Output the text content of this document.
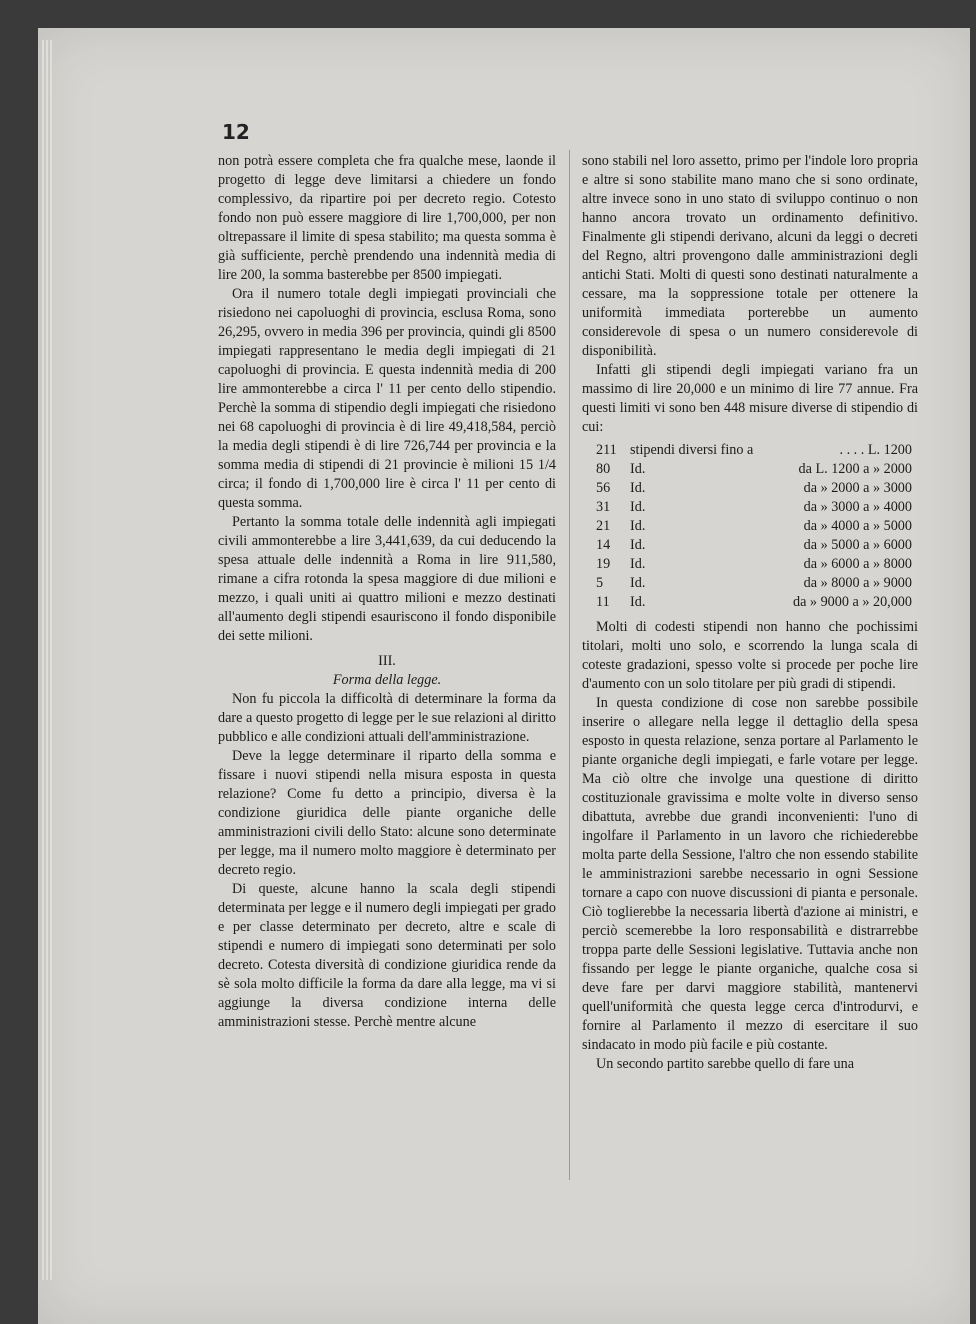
12

non potrà essere completa che fra qualche mese, laonde il progetto di legge deve limitarsi a chiedere un fondo complessivo, da ripartire poi per decreto regio. Cotesto fondo non può essere maggiore di lire 1,700,000, per non oltrepassare il limite di spesa stabilito; ma questa somma è già sufficiente, perchè prendendo una indennità media di lire 200, la somma basterebbe per 8500 impiegati.

Ora il numero totale degli impiegati provinciali che risiedono nei capoluoghi di provincia, esclusa Roma, sono 26,295, ovvero in media 396 per provincia, quindi gli 8500 impiegati rappresentano le media degli impiegati di 21 capoluoghi di provincia. E questa indennità media di 200 lire ammonterebbe a circa l' 11 per cento dello stipendio. Perchè la somma di stipendio degli impiegati che risiedono nei 68 capoluoghi di provincia è di lire 49,418,584, perciò la media degli stipendi è di lire 726,744 per provincia e la somma media di stipendi di 21 provincie è milioni 15 1/4 circa; il fondo di 1,700,000 lire è circa l' 11 per cento di questa somma.

Pertanto la somma totale delle indennità agli impiegati civili ammonterebbe a lire 3,441,639, da cui deducendo la spesa attuale delle indennità a Roma in lire 911,580, rimane a cifra rotonda la spesa maggiore di due milioni e mezzo, i quali uniti ai quattro milioni e mezzo destinati all'aumento degli stipendi esauriscono il fondo disponibile dei sette milioni.

III.
Forma della legge.

Non fu piccola la difficoltà di determinare la forma da dare a questo progetto di legge per le sue relazioni al diritto pubblico e alle condizioni attuali dell'amministrazione.

Deve la legge determinare il riparto della somma e fissare i nuovi stipendi nella misura esposta in questa relazione? Come fu detto a principio, diversa è la condizione giuridica delle piante organiche delle amministrazioni civili dello Stato: alcune sono determinate per legge, ma il numero molto maggiore è determinato per decreto regio.

Di queste, alcune hanno la scala degli stipendi determinata per legge e il numero degli impiegati per grado e per classe determinato per decreto, altre e scale di stipendi e numero di impiegati sono determinati per solo decreto. Cotesta diversità di condizione giuridica rende da sè sola molto difficile la forma da dare alla legge, ma vi si aggiunge la diversa condizione interna delle amministrazioni stesse. Perchè mentre alcune

sono stabili nel loro assetto, primo per l'indole loro propria e altre si sono stabilite mano mano che si sono ordinate, altre invece sono in uno stato di sviluppo continuo o non hanno ancora trovato un ordinamento definitivo. Finalmente gli stipendi derivano, alcuni da leggi o decreti del Regno, altri provengono dalle amministrazioni degli antichi Stati. Molti di questi sono destinati naturalmente a cessare, ma la soppressione totale per ottenere la uniformità immediata porterebbe un aumento considerevole di spesa o un numero considerevole di disponibilità.

Infatti gli stipendi degli impiegati variano fra un massimo di lire 20,000 e un minimo di lire 77 annue. Fra questi limiti vi sono ben 448 misure diverse di stipendio di cui:

211	stipendi diversi fino a	. . . . L. 1200
80	Id.	da L. 1200 a » 2000
56	Id.	da » 2000 a » 3000
31	Id.	da » 3000 a » 4000
21	Id.	da » 4000 a » 5000
14	Id.	da » 5000 a » 6000
19	Id.	da » 6000 a » 8000
5	Id.	da » 8000 a » 9000
11	Id.	da » 9000 a » 20,000

Molti di codesti stipendi non hanno che pochissimi titolari, molti uno solo, e scorrendo la lunga scala di coteste gradazioni, spesso volte si procede per poche lire d'aumento con un solo titolare per più gradi di stipendi.

In questa condizione di cose non sarebbe possibile inserire o allegare nella legge il dettaglio della spesa esposto in questa relazione, senza portare al Parlamento le piante organiche degli impiegati, e farle votare per legge. Ma ciò oltre che involge una questione di diritto costituzionale gravissima e molte volte in diverso senso dibattuta, avrebbe due grandi inconvenienti: l'uno di ingolfare il Parlamento in un lavoro che richiederebbe molta parte della Sessione, l'altro che non essendo stabilite le amministrazioni sarebbe necessario in ogni Sessione tornare a capo con nuove discussioni di pianta e personale. Ciò toglierebbe la necessaria libertà d'azione ai ministri, e perciò scemerebbe la loro responsabilità e distrarrebbe troppa parte delle Sessioni legislative. Tuttavia anche non fissando per legge le piante organiche, qualche cosa si deve fare per darvi maggiore stabilità, mantenervi quell'uniformità che questa legge cerca d'introdurvi, e fornire al Parlamento il mezzo di esercitare il suo sindacato in modo più facile e più costante.

Un secondo partito sarebbe quello di fare una
